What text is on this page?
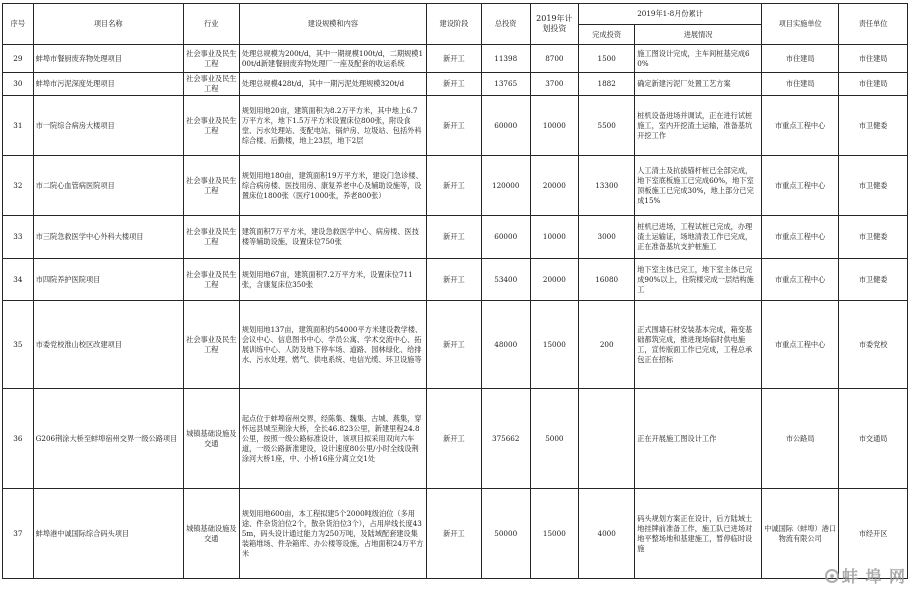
序号	项目名称	行业	建设规模和内容	建设阶段	总投资	2019年计划投资	2019年1-8月份累计		项目实施单位	责任单位
							完成投资	进展情况		
29	蚌埠市餐厨废弃物处理项目	社会事业及民生工程	处理总规模为200t/d，其中一期规模100t/d，二期规模100t/d新建餐厨废弃物处理厂一座及配套的收运系统	新开工	11398	8700	1500	施工图设计完成，主车间桩基完成60%	市住建局	市住建局
30	蚌埠市污泥深度处理项目	社会事业及民生工程	处理总规模428t/d，其中一期污泥处理规模320t/d	新开工	13765	3700	1882	确定新建污泥厂处置工艺方案	市住建局	市住建局
31	市一院综合病房大楼项目	社会事业及民生工程	规划用地20亩，建筑面积为8.2万平方米，其中地上6.7万平方米，地下1.5万平方米设置床位800张，附设食堂、污水处理站、变配电站、锅炉房、垃圾站、包括外科综合楼、后勤楼，地上23层，地下2层	新开工	60000	10000	5500	桩机设备进场并调试，正在进行试桩施工，室内开挖渣土运输，准备基坑开挖工作	市重点工程中心	市卫健委
32	市二院心血管病医院项目	社会事业及民生工程	规划用地180亩，建筑面积19万平方米，建设门急诊楼、综合病房楼、医技用房、康复养老中心及辅助设施等，设置床位1800张（医疗1000张，养老800张）	新开工	120000	20000	13300	人工清土及抗拔锚杆桩已全部完成，地下室底板施工已完成60%，地下室顶板施工已完成30%，地上部分已完成15%	市重点工程中心	市卫健委
33	市三院急救医学中心外科大楼项目	社会事业及民生工程	建筑面积7万平方米，建设急救医学中心、病房楼、医技楼等辅助设施，设置床位750张	新开工	60000	10000	3000	桩机已进场，工程试桩已完成，办理渣土运输证，场地清表工作已完成，正在准备基坑支护桩施工	市重点工程中心	市卫健委
34	市四院养护医院项目	社会事业及民生工程	规划用地67亩，建筑面积7.2万平方米，设置床位711张，含康复床位350张	新开工	53400	20000	16080	地下室主体已完工，地下室主体已完成90%以上，住院楼完成一层结构施工	市重点工程中心	市卫健委
35	市委党校淮山校区改建项目	社会事业及民生工程	规划用地137亩，建筑面积约54000平方米建设教学楼、会议中心、信息图书中心、学员公寓、学术交流中心、拓展训练中心、人防及地下停车场、道路、园林绿化、给排水、污水处理、燃气、供电系统、电信光缆、环卫设施等	新开工	48000	15000	200	正式围墙石材安装基本完成，箱变基础都筑完成，推进现场临时供电施工，宣传版面工作已完成，工程总承包正在招标	市重点工程中心	市委党校
36	G206荆涂大桥至蚌埠宿州交界一级公路项目	城镇基础设施及交通	起点位于蚌埠宿州交界，经陈集、魏集、古城、燕集，穿怀远县城至荆涂大桥，全长46.823公里，新建里程24.8公里，按照一级公路标准设计，该项目拟采用双向六车道，一级公路新准建设，设计速度80公里/小时全线设荆涂河大桥1座，中、小桥16座分离立交1处	新开工	375662	5000		正在开展施工图设计工作	市公路局	市交通局
37	蚌埠港中诚国际综合码头项目	城镇基础设施及交通	规划用地600亩，本工程拟建5个2000吨级泊位（多用途、件杂货泊位2个，散杂货泊位3个），占用岸线长度435m，码头设计通过能力为250万吨，及陆域配套建设集装箱堆场、件杂箱库、办公楼等设施，占地面积24万平方米	新开工	50000	15000	4000	码头规划方案正在设计，后方陆域土地挂牌前准备工作，施工队已进场对地平整场地和基建施工，暂停临时设施	中诚国际（蚌埠）港口物流有限公司	市经开区
蚌 埠 网
